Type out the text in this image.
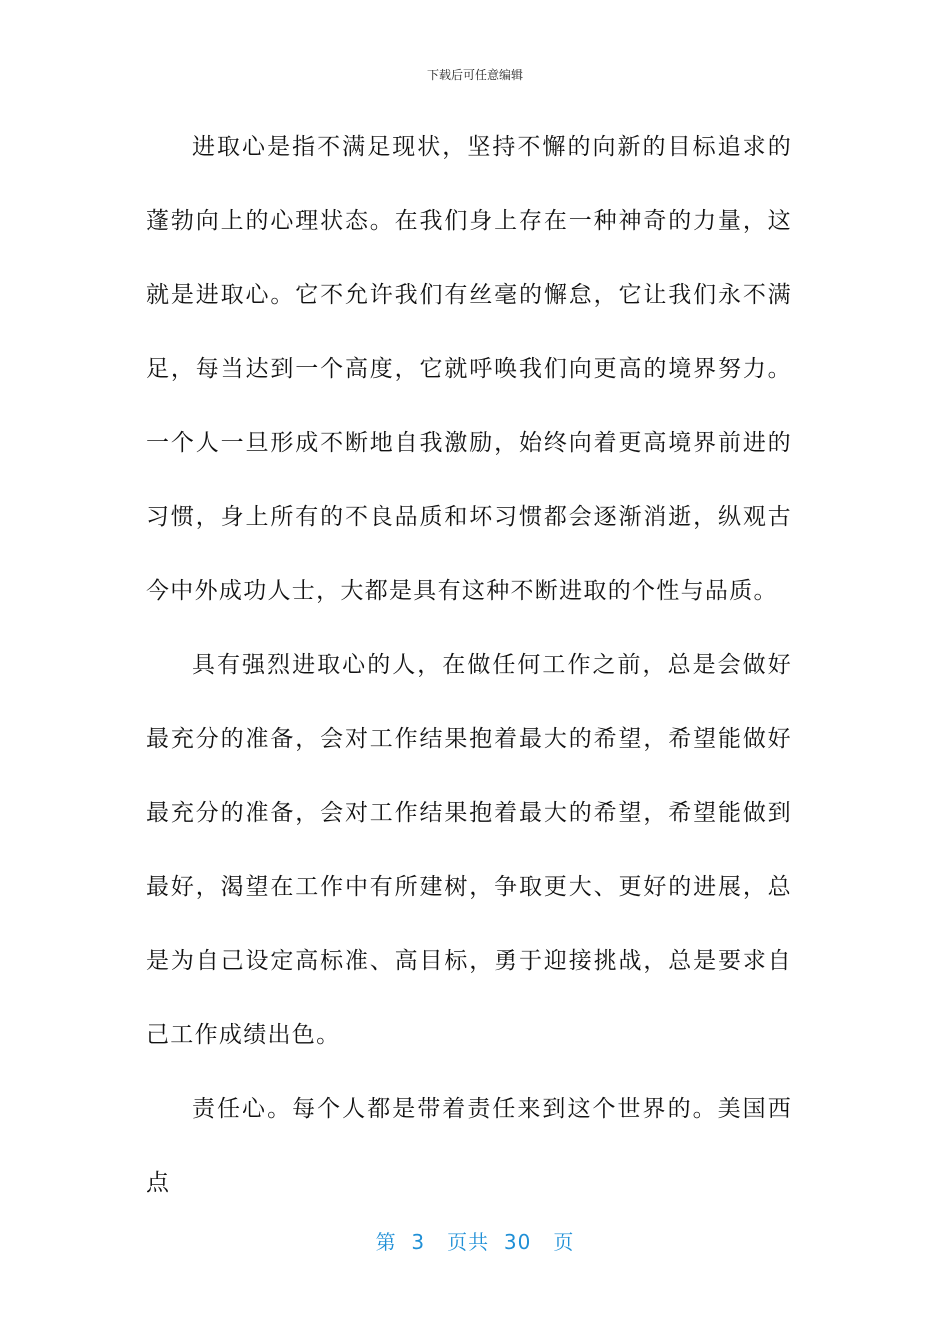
下载后可任意编辑

进取心是指不满足现状，坚持不懈的向新的目标追求的蓬勃向上的心理状态。在我们身上存在一种神奇的力量，这就是进取心。它不允许我们有丝毫的懈怠，它让我们永不满足，每当达到一个高度，它就呼唤我们向更高的境界努力。一个人一旦形成不断地自我激励，始终向着更高境界前进的习惯，身上所有的不良品质和坏习惯都会逐渐消逝，纵观古今中外成功人士，大都是具有这种不断进取的个性与品质。

具有强烈进取心的人，在做任何工作之前，总是会做好最充分的准备，会对工作结果抱着最大的希望，希望能做好最充分的准备，会对工作结果抱着最大的希望，希望能做到最好，渴望在工作中有所建树，争取更大、更好的进展，总是为自己设定高标准、高目标，勇于迎接挑战，总是要求自己工作成绩出色。

责任心。每个人都是带着责任来到这个世界的。美国西点

第 3 页共 30 页
